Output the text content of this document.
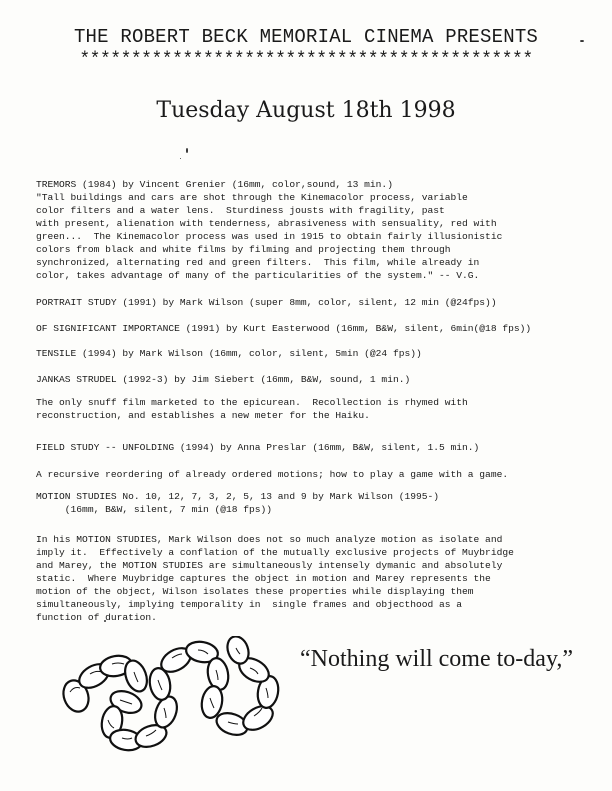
THE ROBERT BECK MEMORIAL CINEMA PRESENTS
********************************************
Tuesday August 18th 1998

TREMORS (1984) by Vincent Grenier (16mm, color,sound, 13 min.)

"Tall buildings and cars are shot through the Kinemacolor process, variable

color filters and a water lens.  Sturdiness jousts with fragility, past

with present, alienation with tenderness, abrasiveness with sensuality, red with

green...  The Kinemacolor process was used in 1915 to obtain fairly illusionistic

colors from black and white films by filming and projecting them through

synchronized, alternating red and green filters.  This film, while already in

color, takes advantage of many of the particularities of the system." -- V.G.

PORTRAIT STUDY (1991) by Mark Wilson (super 8mm, color, silent, 12 min (@24fps))

OF SIGNIFICANT IMPORTANCE (1991) by Kurt Easterwood (16mm, B&W, silent, 6min(@18 fps))

TENSILE (1994) by Mark Wilson (16mm, color, silent, 5min (@24 fps))

JANKAS STRUDEL (1992-3) by Jim Siebert (16mm, B&W, sound, 1 min.)

The only snuff film marketed to the epicurean.  Recollection is rhymed with

reconstruction, and establishes a new meter for the Haiku.

FIELD STUDY -- UNFOLDING (1994) by Anna Preslar (16mm, B&W, silent, 1.5 min.)

A recursive reordering of already ordered motions; how to play a game with a game.

MOTION STUDIES No. 10, 12, 7, 3, 2, 5, 13 and 9 by Mark Wilson (1995-)

(16mm, B&W, silent, 7 min (@18 fps))

In his MOTION STUDIES, Mark Wilson does not so much analyze motion as isolate and

imply it.  Effectively a conflation of the mutually exclusive projects of Muybridge

and Marey, the MOTION STUDIES are simultaneously intensely dymanic and absolutely

static.  Where Muybridge captures the object in motion and Marey represents the

motion of the object, Wilson isolates these properties while displaying them

simultaneously, implying temporality in  single frames and objecthood as a

function of duration.

“Nothing will come to-day,”
